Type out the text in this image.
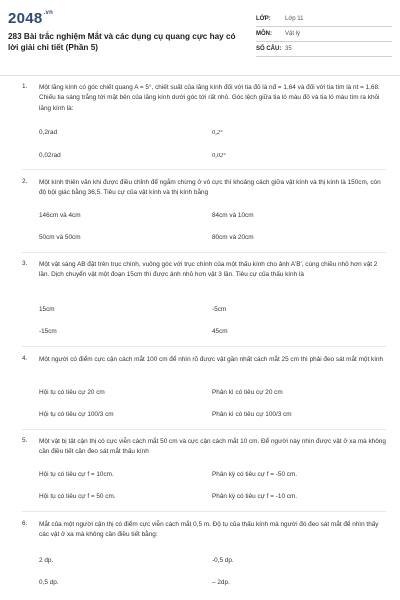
$2048^{.vn}$
283 Bài trắc nghiệm Mắt và các dụng cụ quang cực hay có lời giải chi tiết (Phần 5)
LỚP: Lớp 11
MÔN: Vật lý
SỐ CÂU: 35
1. Một lăng kính có góc chiết quang A = 5°, chiết suất của lăng kính đối với tia đỏ là nđ = 1,64 và đối với tia tím là nt = 1,68. Chiếu tia sáng trắng tới mặt bên của lăng kính dưới góc tới rất nhỏ. Góc lệch giữa tia ló màu đỏ và tia ló màu tím ra khỏi lăng kính là:
0,2rad	0,2°
0,02rad	0,02°
2. Một kính thiên văn khi được điều chỉnh để ngắm chừng ở vô cực thì khoảng cách giữa vật kính và thị kính là 150cm, còn độ bội giác bằng 36,5. Tiêu cự của vật kính và thị kính bằng
146cm và 4cm	84cm và 10cm
50cm và 50cm	80cm và 20cm
3. Một vật sáng AB đặt trên trục chính, vuông góc với trục chính của một thấu kính cho ảnh A'B', cùng chiều nhỏ hơn vật 2 lần. Dịch chuyển vật một đoạn 15cm thì được ảnh nhỏ hơn vật 3 lần. Tiêu cự của thấu kính là
15cm	-5cm
-15cm	45cm
4. Một người có điểm cực cận cách mắt 100 cm để nhìn rõ được vật gần nhất cách mắt 25 cm thì phải đeo sát mắt một kính
Hội tụ có tiêu cự 20 cm	Phân kì có tiêu cự 20 cm
Hội tụ có tiêu cự 100/3 cm	Phân kì có tiêu cự 100/3 cm
5. Một vật bị tật cận thị có cực viễn cách mắt 50 cm và cực cận cách mắt 10 cm. Để người này nhìn được vật ở xa mà không cần điều tiết cần đeo sát mắt thấu kính
Hội tụ có tiêu cự f = 10cm.	Phân kỳ có tiêu cự f = -50 cm.
Hội tụ có tiêu cự f = 50 cm.	Phân kỳ có tiêu cự f = -10 cm.
6. Mắt của một người cận thị có điểm cực viễn cách mắt 0,5 m. Độ tụ của thấu kính mà người đó đeo sát mắt để nhìn thấy các vật ở xa mà không cần điều tiết bằng:
2 dp.	-0,5 dp.
0,5 dp.	– 2dp.
